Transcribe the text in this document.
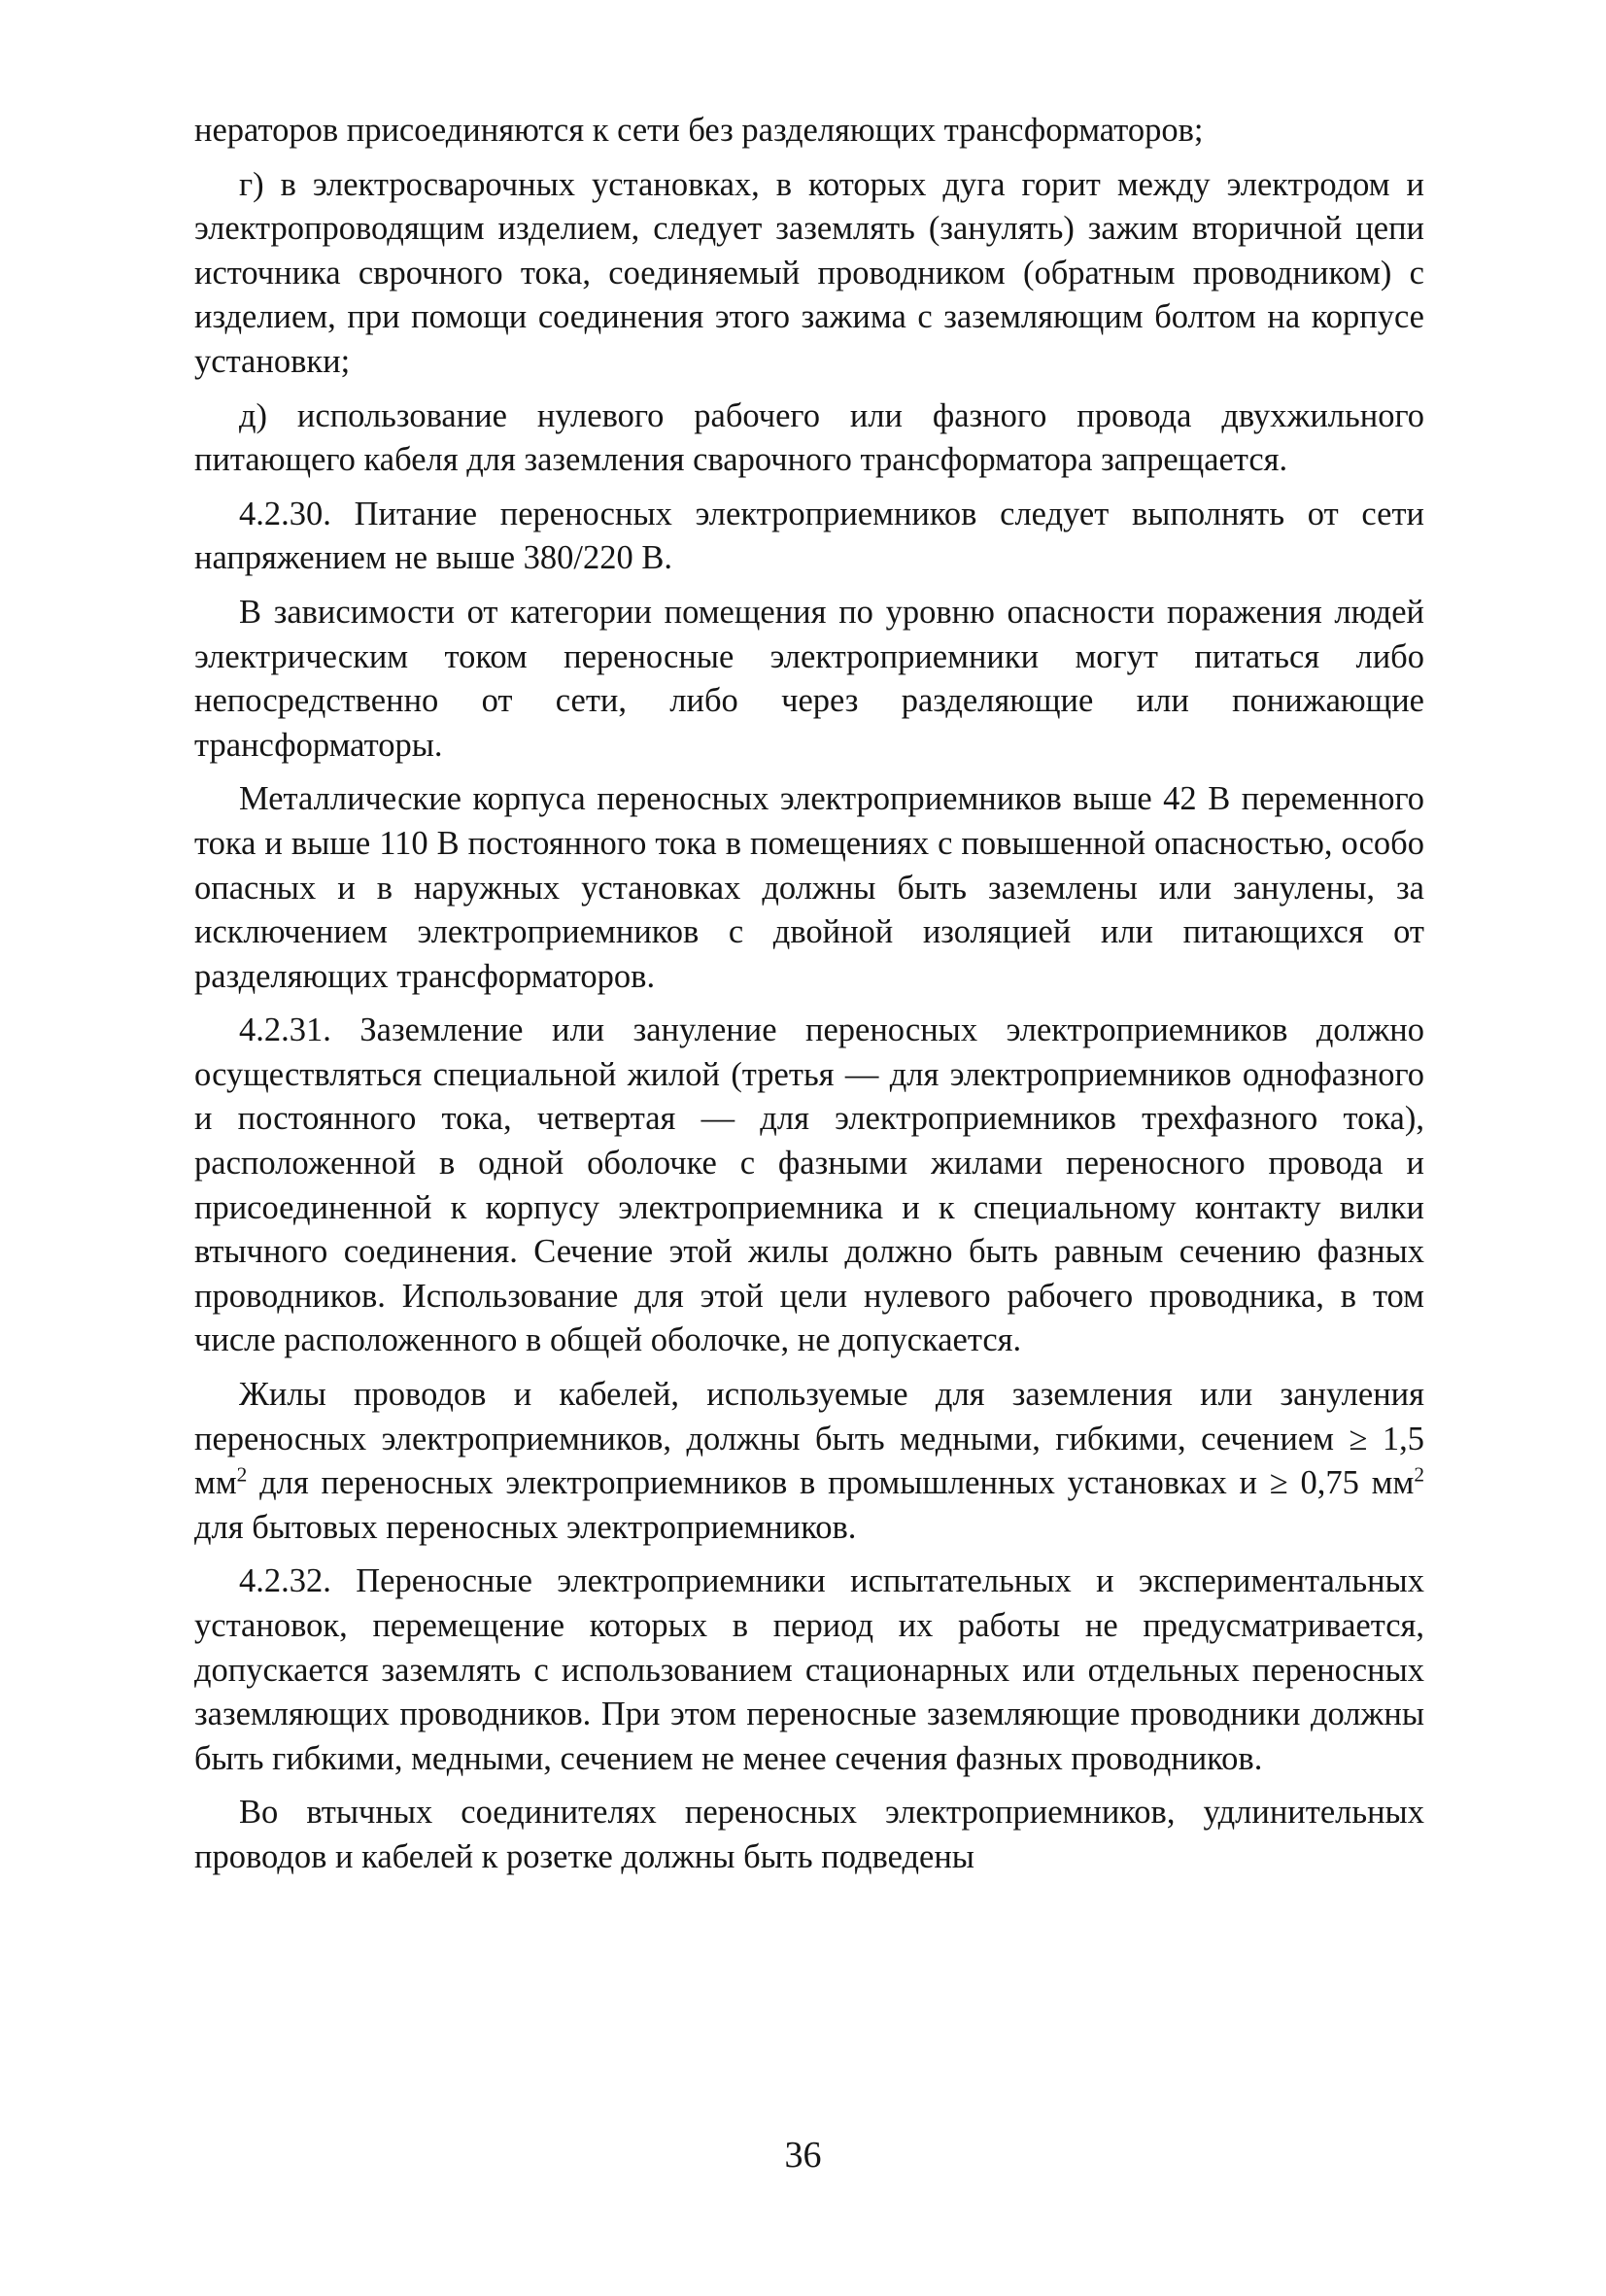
нераторов присоединяются к сети без разделяющих трансформаторов;

г) в электросварочных установках, в которых дуга горит между электродом и электропроводящим изделием, следует заземлять (занулять) зажим вторичной цепи источника сврочного тока, соединяемый проводником (обратным проводником) с изделием, при помощи соединения этого зажима с заземляющим болтом на корпусе установки;

д) использование нулевого рабочего или фазного провода двухжильного питающего кабеля для заземления сварочного трансформатора запрещается.

4.2.30. Питание переносных электроприемников следует выполнять от сети напряжением не выше 380/220 В.

В зависимости от категории помещения по уровню опасности поражения людей электрическим током переносные электроприемники могут питаться либо непосредственно от сети, либо через разделяющие или понижающие трансформаторы.

Металлические корпуса переносных электроприемников выше 42 В переменного тока и выше 110 В постоянного тока в помещениях с повышенной опасностью, особо опасных и в наружных установках должны быть заземлены или занулены, за исключением электроприемников с двойной изоляцией или питающихся от разделяющих трансформаторов.

4.2.31. Заземление или зануление переносных электроприемников должно осуществляться специальной жилой (третья — для электроприемников однофазного и постоянного тока, четвертая — для электроприемников трехфазного тока), расположенной в одной оболочке с фазными жилами переносного провода и присоединенной к корпусу электроприемника и к специальному контакту вилки втычного соединения. Сечение этой жилы должно быть равным сечению фазных проводников. Использование для этой цели нулевого рабочего проводника, в том числе расположенного в общей оболочке, не допускается.

Жилы проводов и кабелей, используемые для заземления или зануления переносных электроприемников, должны быть медными, гибкими, сечением ≥ 1,5 $мм^2$ для переносных электроприемников в промышленных установках и ≥ 0,75 $мм^2$ для бытовых переносных электроприемников.

4.2.32. Переносные электроприемники испытательных и экспериментальных установок, перемещение которых в период их работы не предусматривается, допускается заземлять с использованием стационарных или отдельных переносных заземляющих проводников. При этом переносные заземляющие проводники должны быть гибкими, медными, сечением не менее сечения фазных проводников.

Во втычных соединителях переносных электроприемников, удлинительных проводов и кабелей к розетке должны быть подведены

36
